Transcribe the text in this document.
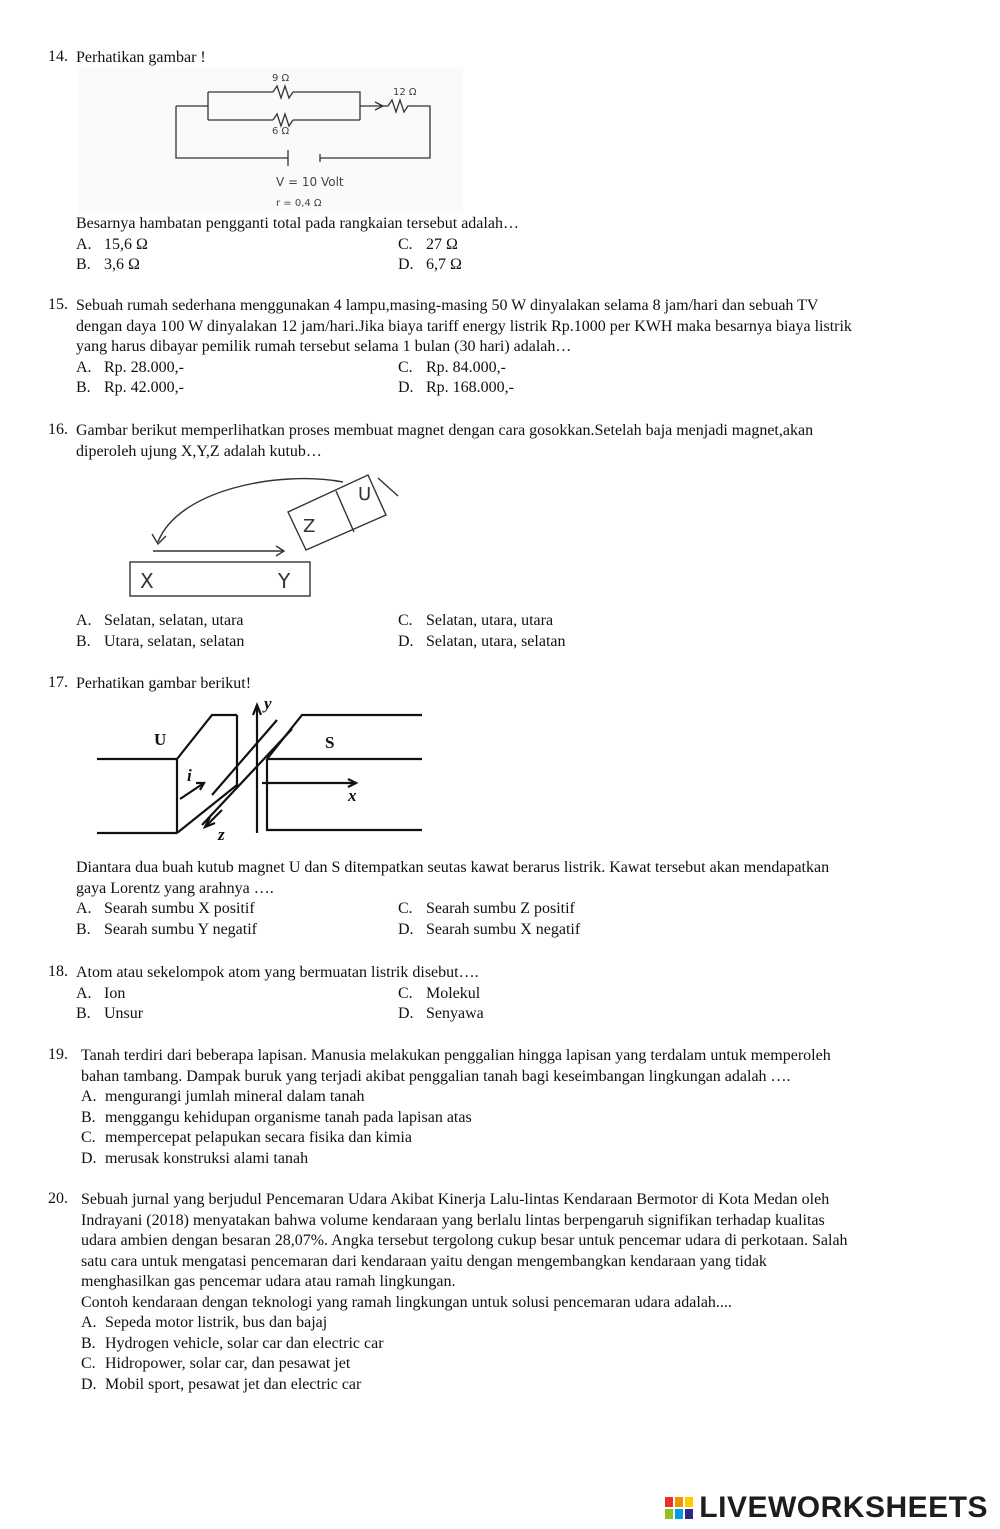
14. Perhatikan gambar !
9 Ω
6 Ω
12 Ω
V = 10 Volt
r = 0,4 Ω
Besarnya hambatan pengganti total pada rangkaian tersebut adalah…
A. 15,6 Ω	C. 27 Ω
B. 3,6 Ω	D. 6,7 Ω
15. Sebuah rumah sederhana menggunakan 4 lampu,masing-masing 50 W dinyalakan selama 8 jam/hari dan sebuah TV
dengan daya 100 W dinyalakan 12 jam/hari.Jika biaya tariff energy listrik Rp.1000 per KWH maka besarnya biaya listrik
yang harus dibayar pemilik rumah tersebut selama 1 bulan (30 hari) adalah…
A. Rp. 28.000,-	C. Rp. 84.000,-
B. Rp. 42.000,-	D. Rp. 168.000,-
16. Gambar berikut memperlihatkan proses membuat magnet dengan cara gosokkan.Setelah baja menjadi magnet,akan
diperoleh ujung X,Y,Z adalah kutub…
X	Y
Z
U
A. Selatan, selatan, utara	C. Selatan, utara, utara
B. Utara, selatan, selatan	D. Selatan, utara, selatan
17. Perhatikan gambar berikut!
U	S
y
x
z
i
Diantara dua buah kutub magnet U dan S ditempatkan seutas kawat berarus listrik. Kawat tersebut akan mendapatkan
gaya Lorentz yang arahnya ….
A. Searah sumbu X positif	C. Searah sumbu Z positif
B. Searah sumbu Y negatif	D. Searah sumbu X negatif
18. Atom atau sekelompok atom yang bermuatan listrik disebut….
A. Ion	C. Molekul
B. Unsur	D. Senyawa
19. Tanah terdiri dari beberapa lapisan. Manusia melakukan penggalian hingga lapisan yang terdalam untuk memperoleh
bahan tambang. Dampak buruk yang terjadi akibat penggalian tanah bagi keseimbangan lingkungan adalah ….
A. mengurangi jumlah mineral dalam tanah
B. menggangu kehidupan organisme tanah pada lapisan atas
C. mempercepat pelapukan secara fisika dan kimia
D. merusak konstruksi alami tanah
20. Sebuah jurnal yang berjudul Pencemaran Udara Akibat Kinerja Lalu-lintas Kendaraan Bermotor di Kota Medan oleh
Indrayani (2018) menyatakan bahwa volume kendaraan yang berlalu lintas berpengaruh signifikan terhadap kualitas
udara ambien dengan besaran 28,07%. Angka tersebut tergolong cukup besar untuk pencemar udara di perkotaan. Salah
satu cara untuk mengatasi pencemaran dari kendaraan yaitu dengan mengembangkan kendaraan yang tidak
menghasilkan gas pencemar udara atau ramah lingkungan.
Contoh kendaraan dengan teknologi yang ramah lingkungan untuk solusi pencemaran udara adalah....
A. Sepeda motor listrik, bus dan bajaj
B. Hydrogen vehicle, solar car dan electric car
C. Hidropower, solar car, dan pesawat jet
D. Mobil sport, pesawat jet dan electric car
LIVEWORKSHEETS
